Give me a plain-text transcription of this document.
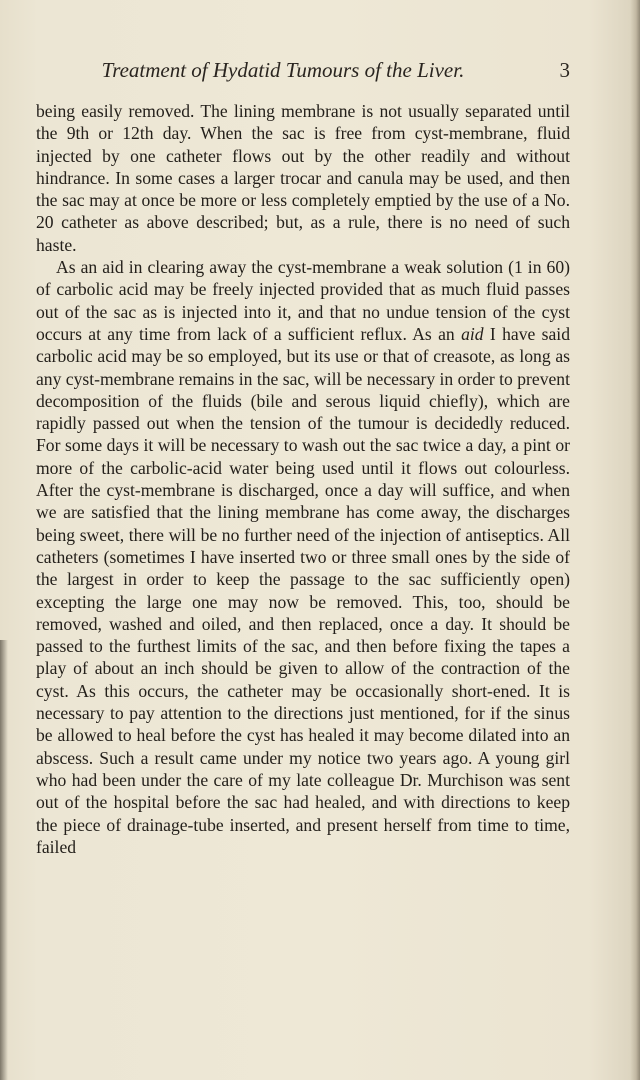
Treatment of Hydatid Tumours of the Liver.	3

being easily removed. The lining membrane is not usually separated until the 9th or 12th day. When the sac is free from cyst-membrane, fluid injected by one catheter flows out by the other readily and without hindrance. In some cases a larger trocar and canula may be used, and then the sac may at once be more or less completely emptied by the use of a No. 20 catheter as above described; but, as a rule, there is no need of such haste.

As an aid in clearing away the cyst-membrane a weak solution (1 in 60) of carbolic acid may be freely injected provided that as much fluid passes out of the sac as is injected into it, and that no undue tension of the cyst occurs at any time from lack of a sufficient reflux. As an aid I have said carbolic acid may be so employed, but its use or that of creasote, as long as any cyst-membrane remains in the sac, will be necessary in order to prevent decomposition of the fluids (bile and serous liquid chiefly), which are rapidly passed out when the tension of the tumour is decidedly reduced. For some days it will be necessary to wash out the sac twice a day, a pint or more of the carbolic-acid water being used until it flows out colourless. After the cyst-membrane is discharged, once a day will suffice, and when we are satisfied that the lining membrane has come away, the discharges being sweet, there will be no further need of the injection of antiseptics. All catheters (sometimes I have inserted two or three small ones by the side of the largest in order to keep the passage to the sac sufficiently open) excepting the large one may now be removed. This, too, should be removed, washed and oiled, and then replaced, once a day. It should be passed to the furthest limits of the sac, and then before fixing the tapes a play of about an inch should be given to allow of the contraction of the cyst. As this occurs, the catheter may be occasionally short-ened. It is necessary to pay attention to the directions just mentioned, for if the sinus be allowed to heal before the cyst has healed it may become dilated into an abscess. Such a result came under my notice two years ago. A young girl who had been under the care of my late colleague Dr. Murchison was sent out of the hospital before the sac had healed, and with directions to keep the piece of drainage-tube inserted, and present herself from time to time, failed
